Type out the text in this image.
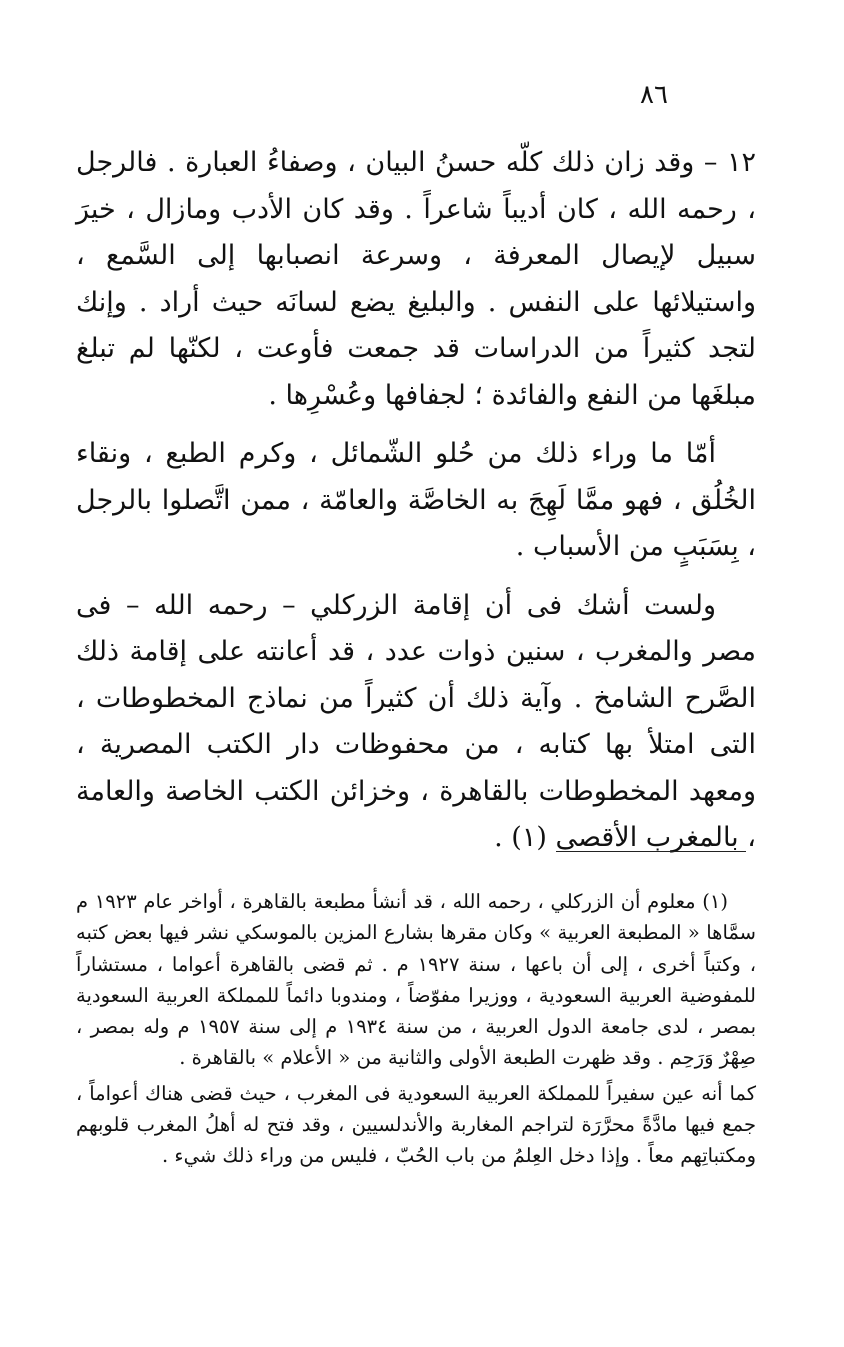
٨٦

١٢ – وقد زان ذلك كلّه حسنُ البيان ، وصفاءُ العبارة . فالرجل ، رحمه الله ، كان أديباً شاعراً . وقد كان الأدب ومازال ، خيرَ سبيل لإيصال المعرفة ، وسرعة انصبابها إلى السَّمع ، واستيلائها على النفس . والبليغ يضع لسانَه حيث أراد . وإنك لتجد كثيراً من الدراسات قد جمعت فأوعت ، لكنّها لم تبلغ مبلغَها من النفع والفائدة ؛ لجفافها وعُسْرِها .

أمّا ما وراء ذلك من حُلو الشّمائل ، وكرم الطبع ، ونقاء الخُلُق ، فهو ممَّا لَهِجَ به الخاصَّة والعامّة ، ممن اتَّصلوا بالرجل ، بِسَبَبٍ من الأسباب .

ولست أشك فى أن إقامة الزركلي – رحمه الله – فى مصر والمغرب ، سنين ذوات عدد ، قد أعانته على إقامة ذلك الصَّرح الشامخ . وآية ذلك أن كثيراً من نماذج المخطوطات ، التى امتلأ بها كتابه ، من محفوظات دار الكتب المصرية ، ومعهد المخطوطات بالقاهرة ، وخزائن الكتب الخاصة والعامة ، بالمغرب الأقصى (١) .

(١) معلوم أن الزركلي ، رحمه الله ، قد أنشأ مطبعة بالقاهرة ، أواخر عام ١٩٢٣ م سمَّاها « المطبعة العربية » وكان مقرها بشارع المزين بالموسكي نشر فيها بعض كتبه ، وكتباً أخرى ، إلى أن باعها ، سنة ١٩٢٧ م . ثم قضى بالقاهرة أعواما ، مستشاراً للمفوضية العربية السعودية ، ووزيرا مفوّضاً ، ومندوبا دائماً للمملكة العربية السعودية بمصر ، لدى جامعة الدول العربية ، من سنة ١٩٣٤ م إلى سنة ١٩٥٧ م وله بمصر ، صِهْرٌ وَرَحِم . وقد ظهرت الطبعة الأولى والثانية من « الأعلام » بالقاهرة .

كما أنه عين سفيراً للمملكة العربية السعودية فى المغرب ، حيث قضى هناك أعواماً ، جمع فيها مادَّةً محرَّرَة لتراجم المغاربة والأندلسيين ، وقد فتح له أهلُ المغرب قلوبهم ومكتباتِهم معاً . وإذا دخل العِلمُ من باب الحُبّ ، فليس من وراء ذلك شيء .
